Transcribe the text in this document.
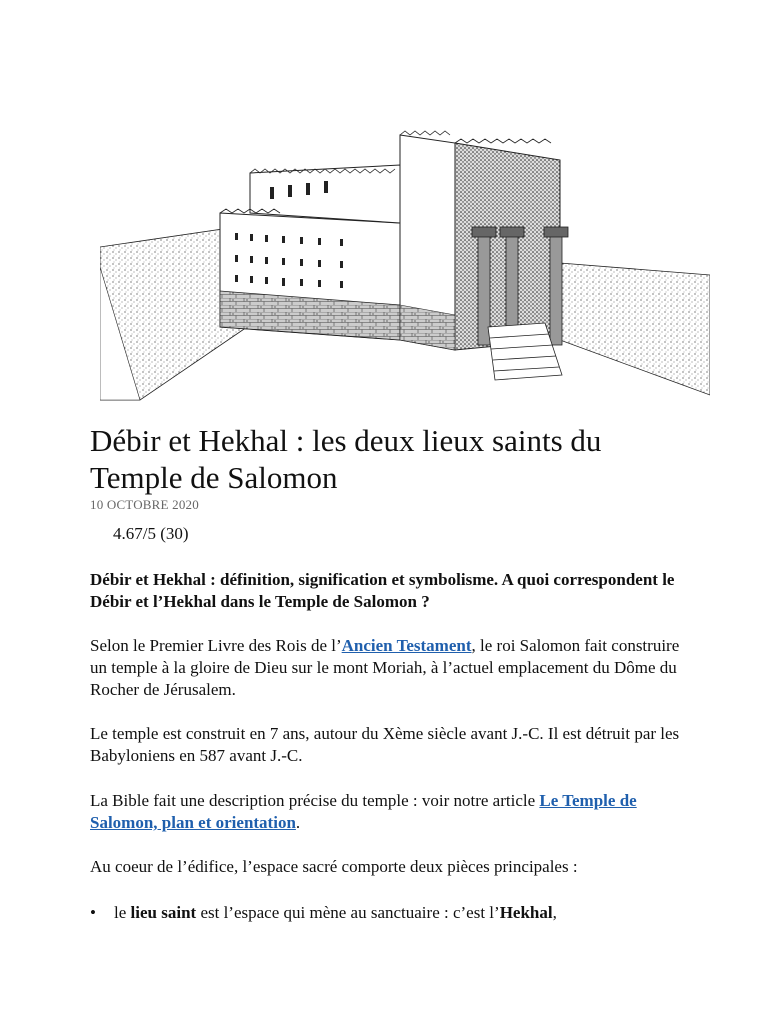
Débir et Hekhal : les deux lieux saints du Temple de Salomon
10 OCTOBRE 2020
4.67/5 (30)

Débir et Hekhal : définition, signification et symbolisme. A quoi correspondent le Débir et l’Hekhal dans le Temple de Salomon ?

Selon le Premier Livre des Rois de l’Ancien Testament, le roi Salomon fait construire un temple à la gloire de Dieu sur le mont Moriah, à l’actuel emplacement du Dôme du Rocher de Jérusalem.

Le temple est construit en 7 ans, autour du Xème siècle avant J.-C. Il est détruit par les Babyloniens en 587 avant J.-C.

La Bible fait une description précise du temple : voir notre article Le Temple de Salomon, plan et orientation.

Au coeur de l’édifice, l’espace sacré comporte deux pièces principales :

• le lieu saint est l’espace qui mène au sanctuaire : c’est l’Hekhal,
